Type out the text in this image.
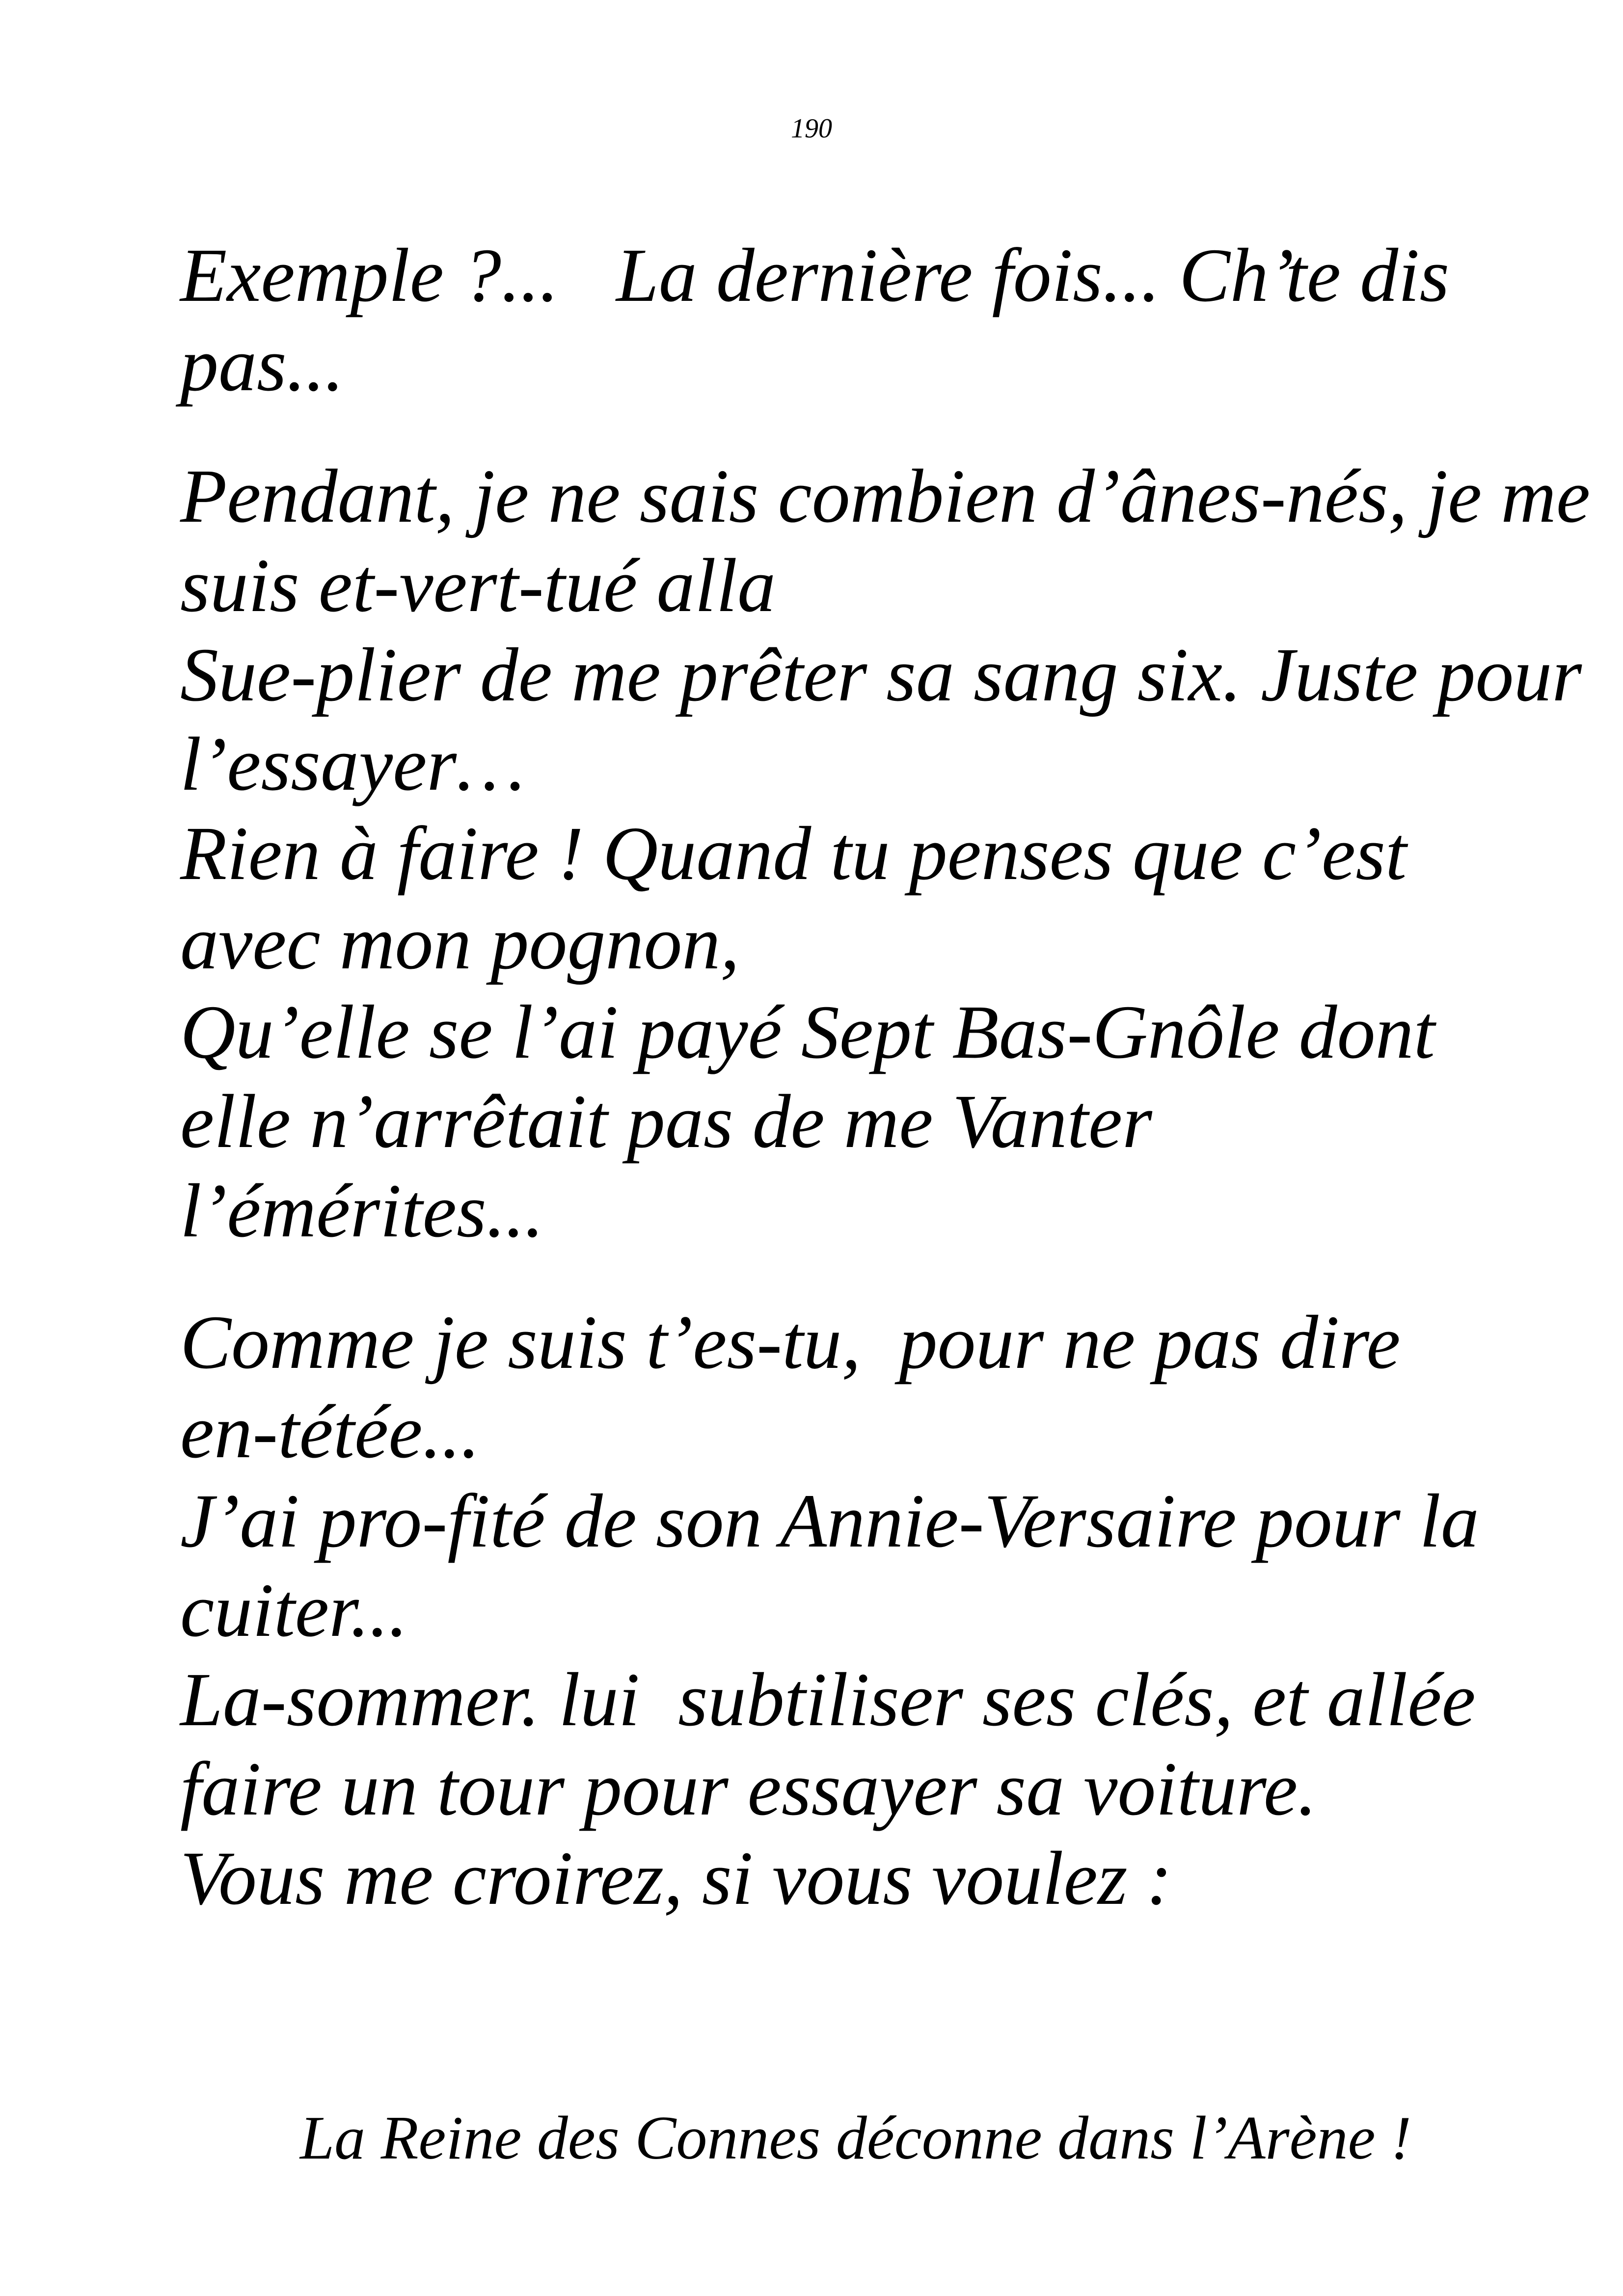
190

Exemple ?...   La dernière fois... Ch’te dis
pas...

Pendant, je ne sais combien d’ânes-nés, je me
suis et-vert-tué alla
Sue-plier de me prêter sa sang six. Juste pour
l’essayer…
Rien à faire ! Quand tu penses que c’est
avec mon pognon,
Qu’elle se l’ai payé Sept Bas-Gnôle dont
elle n’arrêtait pas de me Vanter
l’émérites...

Comme je suis t’es-tu,  pour ne pas dire
en-tétée...
J’ai pro-fité de son Annie-Versaire pour la
cuiter...
La-sommer. lui  subtiliser ses clés, et allée
faire un tour pour essayer sa voiture.
Vous me croirez, si vous voulez :

La Reine des Connes déconne dans l’Arène !
